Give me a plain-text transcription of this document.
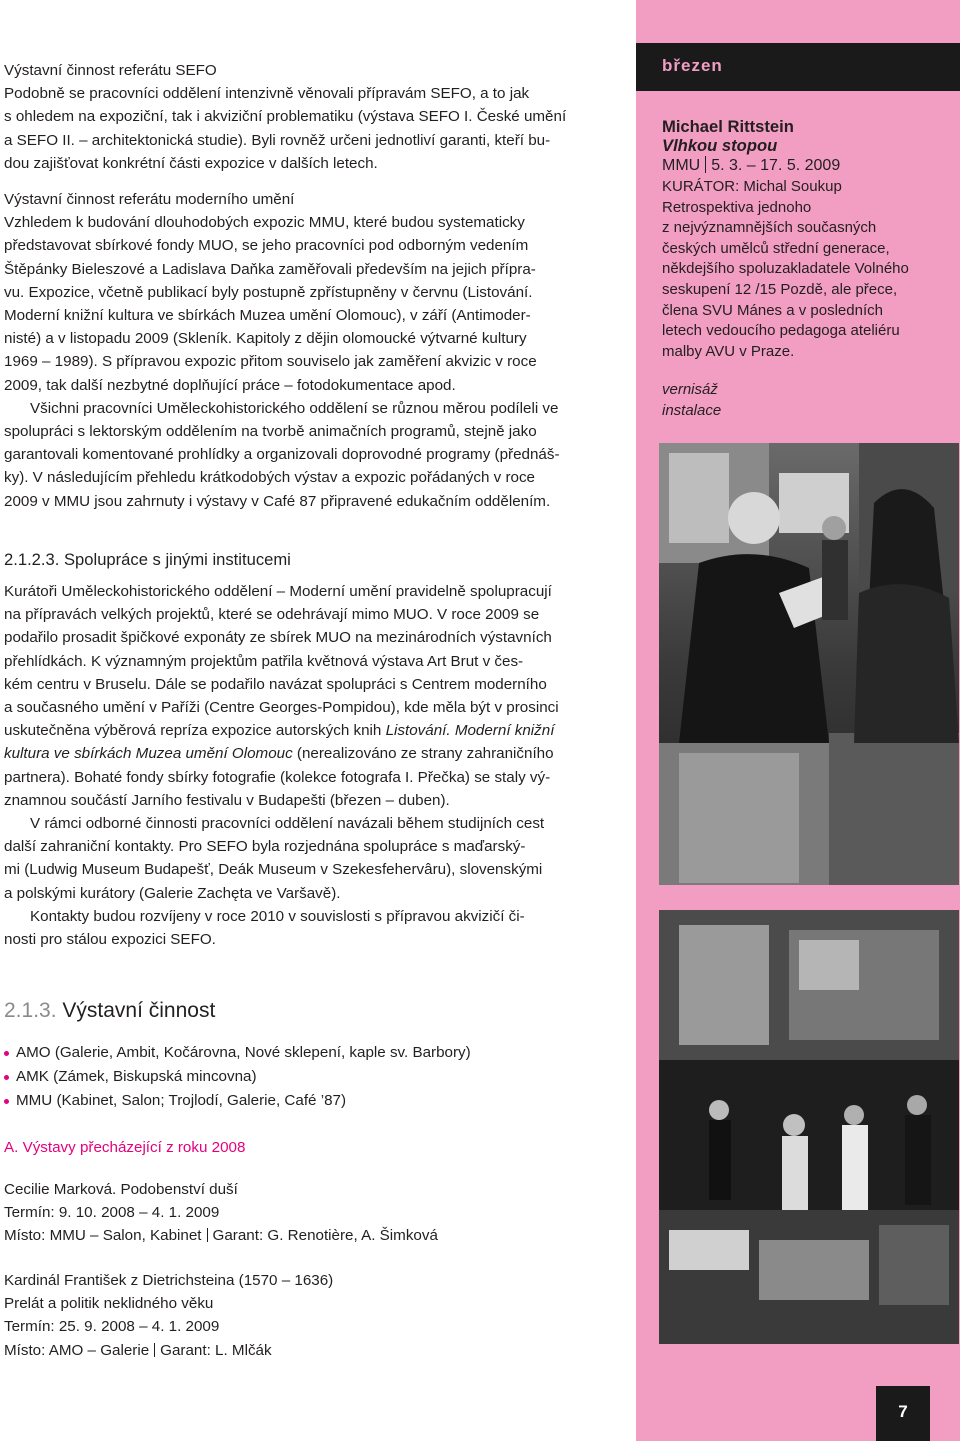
Výstavní činnost referátu SEFO

Podobně se pracovníci oddělení intenzivně věnovali přípravám SEFO, a to jak

s ohledem na expoziční, tak i akviziční problematiku (výstava SEFO I. České umění

a SEFO II. – architektonická studie). Byli rovněž určeni jednotliví garanti, kteří bu-

dou zajišťovat konkrétní části expozice v dalších letech.

Výstavní činnost referátu moderního umění

Vzhledem k budování dlouhodobých expozic MMU, které budou systematicky

představovat sbírkové fondy MUO, se jeho pracovníci pod odborným vedením

Štěpánky Bieleszové a Ladislava Daňka zaměřovali především na jejich přípra-

vu. Expozice, včetně publikací byly postupně zpřístupněny v červnu (Listování.

Moderní knižní kultura ve sbírkách Muzea umění Olomouc), v září (Antimoder-

nisté) a v listopadu 2009 (Skleník. Kapitoly z dějin olomoucké výtvarné kultury

1969 – 1989). S přípravou expozic přitom souviselo jak zaměření akvizic v roce

2009, tak další nezbytné doplňující práce – fotodokumentace apod.

Všichni pracovníci Uměleckohistorického oddělení se různou měrou podíleli ve

spolupráci s lektorským oddělením na tvorbě animačních programů, stejně jako

garantovali komentované prohlídky a organizovali doprovodné programy (přednáš-

ky). V následujícím přehledu krátkodobých výstav a expozic pořádaných v roce

2009 v MMU jsou zahrnuty i výstavy v Café 87 připravené edukačním oddělením.

2.1.2.3. Spolupráce s jinými institucemi

Kurátoři Uměleckohistorického oddělení – Moderní umění pravidelně spolupracují

na přípravách velkých projektů, které se odehrávají mimo MUO. V roce 2009 se

podařilo prosadit špičkové exponáty ze sbírek MUO na mezinárodních výstavních

přehlídkách. K významným projektům patřila květnová výstava Art Brut v čes-

kém centru v Bruselu. Dále se podařilo navázat spolupráci s Centrem moderního

a současného umění v Paříži (Centre Georges-Pompidou), kde měla být v prosinci

uskutečněna výběrová repríza expozice autorských knih Listování. Moderní knižní

kultura ve sbírkách Muzea umění Olomouc (nerealizováno ze strany zahraničního

partnera). Bohaté fondy sbírky fotografie (kolekce fotografa I. Přečka) se staly vý-

znamnou součástí Jarního festivalu v Budapešti (březen – duben).

V rámci odborné činnosti pracovníci oddělení navázali během studijních cest

další zahraniční kontakty. Pro SEFO byla rozjednána spolupráce s maďarský-

mi (Ludwig Museum Budapešť, Deák Museum v Szekesfehervâru), slovenskými

a polskými kurátory (Galerie Zachęta ve Varšavě).

Kontakty budou rozvíjeny v roce 2010 v souvislosti s přípravou akvizičí či-

nosti pro stálou expozici SEFO.

2.1.3. Výstavní činnost
AMO (Galerie, Ambit, Kočárovna, Nové sklepení, kaple sv. Barbory)
AMK (Zámek, Biskupská mincovna)
MMU (Kabinet, Salon; Trojlodí, Galerie, Café ’87)
A. Výstavy přecházející z roku 2008

Cecilie Marková. Podobenství duší

Termín: 9. 10. 2008 – 4. 1. 2009

Místo: MMU – Salon, Kabinet Garant: G. Renotière, A. Šimková

Kardinál František z Dietrichsteina (1570 – 1636)

Prelát a politik neklidného věku

Termín: 25. 9. 2008 – 4. 1. 2009

Místo: AMO – Galerie Garant: L. Mlčák

březen
Michael Rittstein
Vlhkou stopou
MMU 5. 3. – 17. 5. 2009
KURÁTOR: Michal Soukup
Retrospektiva jednoho
z nejvýznamnějších současných
českých umělců střední generace,
někdejšího spoluzakladatele Volného
seskupení 12 /15 Pozdě, ale přece,
člena SVU Mánes a v posledních
letech vedoucího pedagoga ateliéru
malby AVU v Praze.
vernisáž
instalace
7
